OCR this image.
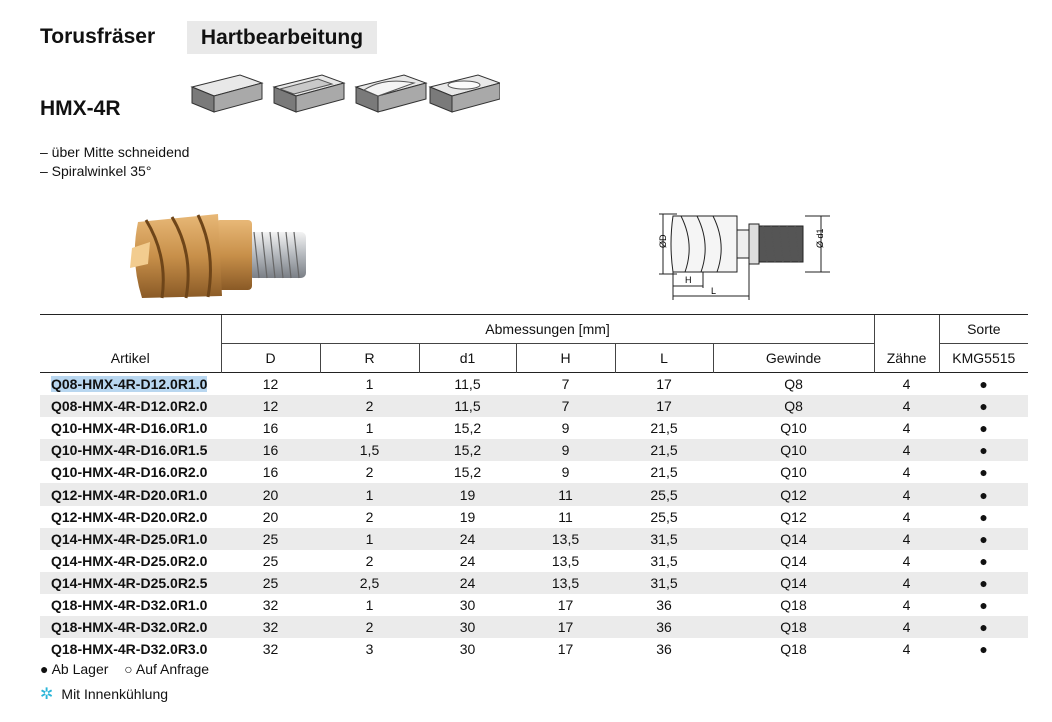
Torusfräser	Hartbearbeitung
HMX-4R
– über Mitte schneidend
– Spiralwinkel 35°
ØD	Ø d1
H
L
Artikel	Abmessungen [mm]						Zähne	Sorte
	D	R	d1	H	L	Gewinde		KMG5515
Q08-HMX-4R-D12.0R1.0	12	1	11,5	7	17	Q8	4	●
Q08-HMX-4R-D12.0R2.0	12	2	11,5	7	17	Q8	4	●
Q10-HMX-4R-D16.0R1.0	16	1	15,2	9	21,5	Q10	4	●
Q10-HMX-4R-D16.0R1.5	16	1,5	15,2	9	21,5	Q10	4	●
Q10-HMX-4R-D16.0R2.0	16	2	15,2	9	21,5	Q10	4	●
Q12-HMX-4R-D20.0R1.0	20	1	19	11	25,5	Q12	4	●
Q12-HMX-4R-D20.0R2.0	20	2	19	11	25,5	Q12	4	●
Q14-HMX-4R-D25.0R1.0	25	1	24	13,5	31,5	Q14	4	●
Q14-HMX-4R-D25.0R2.0	25	2	24	13,5	31,5	Q14	4	●
Q14-HMX-4R-D25.0R2.5	25	2,5	24	13,5	31,5	Q14	4	●
Q18-HMX-4R-D32.0R1.0	32	1	30	17	36	Q18	4	●
Q18-HMX-4R-D32.0R2.0	32	2	30	17	36	Q18	4	●
Q18-HMX-4R-D32.0R3.0	32	3	30	17	36	Q18	4	●
● Ab Lager ○ Auf Anfrage
✲ Mit Innenkühlung
